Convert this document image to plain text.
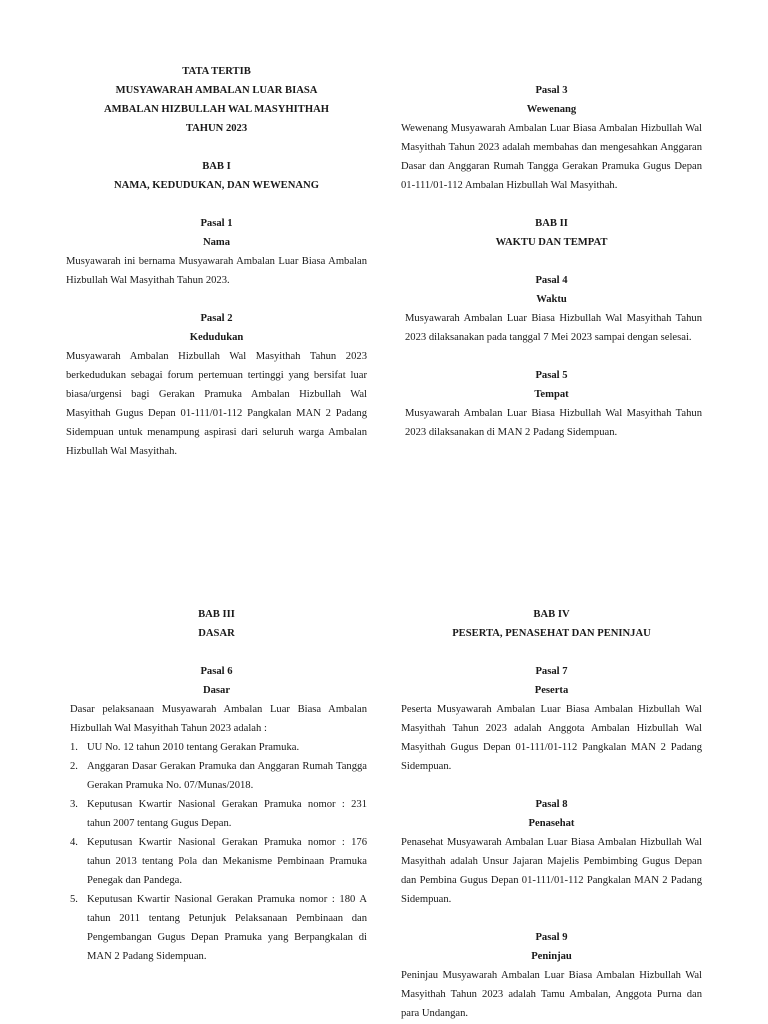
TATA TERTIB

MUSYAWARAH AMBALAN LUAR BIASA

AMBALAN HIZBULLAH WAL MASYHITHAH

TAHUN 2023

BAB I

NAMA, KEDUDUKAN, DAN WEWENANG

Pasal 1

Nama

Musyawarah ini bernama Musyawarah Ambalan Luar Biasa Ambalan Hizbullah Wal Masyithah Tahun 2023.

Pasal 2

Kedudukan

Musyawarah Ambalan Hizbullah Wal Masyithah Tahun 2023 berkedudukan sebagai forum pertemuan tertinggi yang bersifat luar biasa/urgensi bagi Gerakan Pramuka Ambalan Hizbullah Wal Masyithah Gugus Depan 01-111/01-112 Pangkalan MAN 2 Padang Sidempuan untuk menampung aspirasi dari seluruh warga Ambalan Hizbullah Wal Masyithah.

Pasal 3

Wewenang

Wewenang Musyawarah Ambalan Luar Biasa Ambalan Hizbullah Wal Masyithah Tahun 2023 adalah membahas dan mengesahkan Anggaran Dasar dan Anggaran Rumah Tangga Gerakan Pramuka Gugus Depan 01-111/01-112 Ambalan Hizbullah Wal Masyithah.

BAB II

WAKTU DAN TEMPAT

Pasal 4

Waktu

Musyawarah Ambalan Luar Biasa Hizbullah Wal Masyithah Tahun 2023 dilaksanakan pada tanggal 7 Mei 2023 sampai dengan selesai.

Pasal 5

Tempat

Musyawarah Ambalan Luar Biasa Hizbullah Wal Masyithah Tahun 2023 dilaksanakan di MAN 2 Padang Sidempuan.

BAB III

DASAR

Pasal 6

Dasar

Dasar pelaksanaan Musyawarah Ambalan Luar Biasa Ambalan Hizbullah Wal Masyithah Tahun 2023 adalah :

1. UU No. 12 tahun 2010 tentang Gerakan Pramuka.
2. Anggaran Dasar Gerakan Pramuka dan Anggaran Rumah Tangga Gerakan Pramuka No. 07/Munas/2018.
3. Keputusan Kwartir Nasional Gerakan Pramuka nomor : 231 tahun 2007 tentang Gugus Depan.
4. Keputusan Kwartir Nasional Gerakan Pramuka nomor : 176 tahun 2013 tentang Pola dan Mekanisme Pembinaan Pramuka Penegak dan Pandega.
5. Keputusan Kwartir Nasional Gerakan Pramuka nomor : 180 A tahun 2011 tentang Petunjuk Pelaksanaan Pembinaan dan Pengembangan Gugus Depan Pramuka yang Berpangkalan di MAN 2 Padang Sidempuan.

BAB IV

PESERTA, PENASEHAT DAN PENINJAU

Pasal 7

Peserta

Peserta Musyawarah Ambalan Luar Biasa Ambalan Hizbullah Wal Masyithah Tahun 2023 adalah Anggota Ambalan Hizbullah Wal Masyithah Gugus Depan 01-111/01-112 Pangkalan MAN 2 Padang Sidempuan.

Pasal 8

Penasehat

Penasehat Musyawarah Ambalan Luar Biasa Ambalan Hizbullah Wal Masyithah adalah Unsur Jajaran Majelis Pembimbing Gugus Depan dan Pembina Gugus Depan 01-111/01-112 Pangkalan MAN 2 Padang Sidempuan.

Pasal 9

Peninjau

Peninjau Musyawarah Ambalan Luar Biasa Ambalan Hizbullah Wal Masyithah Tahun 2023 adalah Tamu Ambalan, Anggota Purna dan para Undangan.
